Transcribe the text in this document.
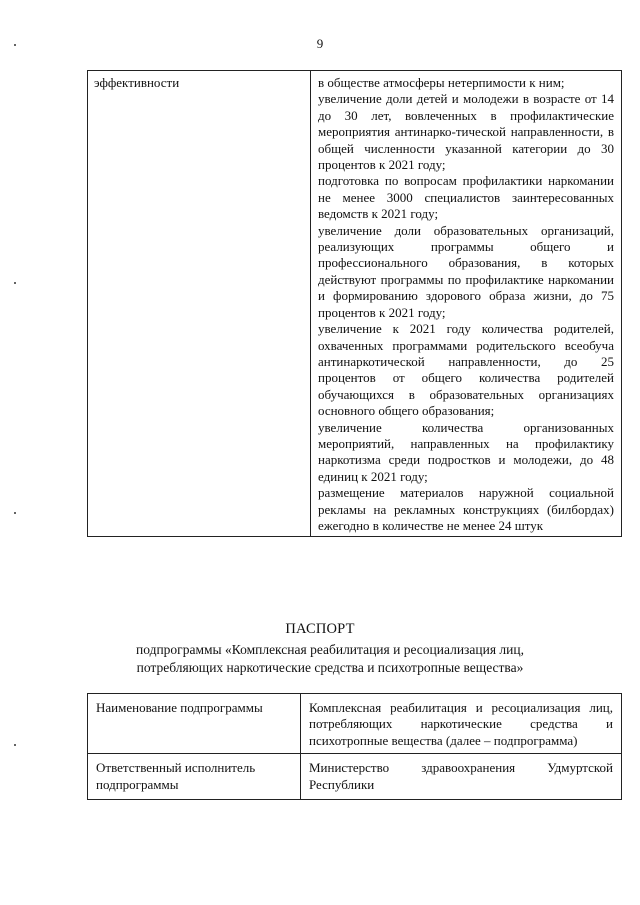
9
эффективности	в обществе атмосферы нетерпимости к ним;
увеличение доли детей и молодежи в возрасте от 14 до 30 лет, вовлеченных в профилактические мероприятия антинарко-тической направленности, в общей численности указанной категории до 30 процентов к 2021 году;
подготовка по вопросам профилактики наркомании не менее 3000 специалистов заинтересованных ведомств к 2021 году;
увеличение доли образовательных организаций, реализующих программы общего и профессионального образования, в которых действуют программы по профилактике наркомании и формированию здорового образа жизни, до 75 процентов к 2021 году;
увеличение к 2021 году количества родителей, охваченных программами родительского всеобуча антинаркотической направленности, до 25 процентов от общего количества родителей обучающихся в образовательных организациях основного общего образования;
увеличение количества организованных мероприятий, направленных на профилактику наркотизма среди подростков и молодежи, до 48 единиц к 2021 году;
размещение материалов наружной социальной рекламы на рекламных конструкциях (билбордах) ежегодно в количестве не менее 24 штук
ПАСПОРТ
подпрограммы «Комплексная реабилитация и ресоциализация лиц, потребляющих наркотические средства и психотропные вещества»
Наименование подпрограммы	Комплексная реабилитация и ресоциализация лиц, потребляющих наркотические средства и психотропные вещества (далее – подпрограмма)
Ответственный исполнитель подпрограммы	Министерство здравоохранения Удмуртской Республики
